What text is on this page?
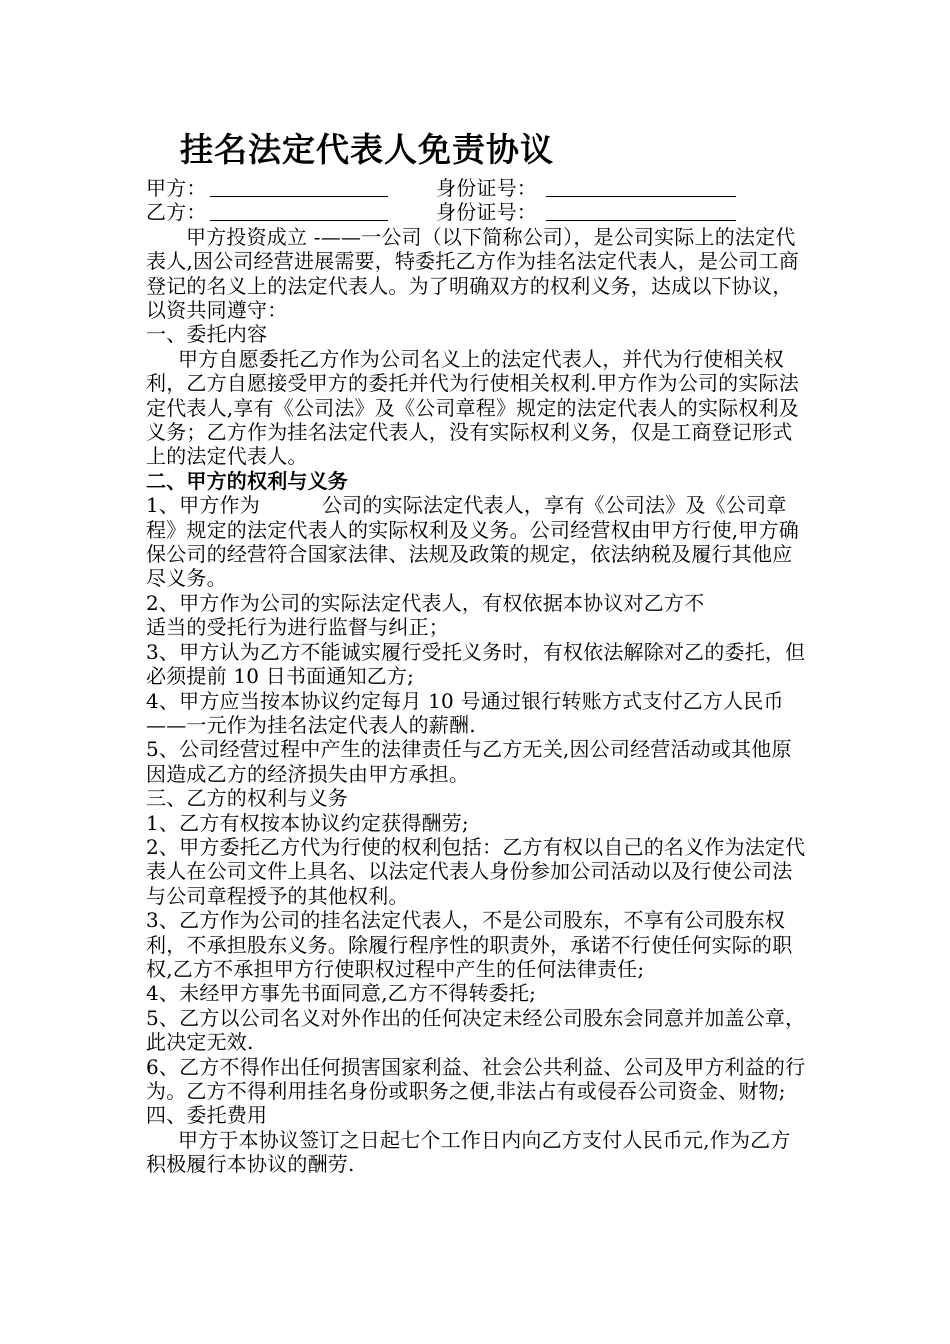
挂名法定代表人免责协议
甲方：	身份证号：
乙方：	身份证号：

甲方投资成立 -——一公司（以下简称公司），是公司实际上的法定代表人,因公司经营进展需要，特委托乙方作为挂名法定代表人，是公司工商登记的名义上的法定代表人。为了明确双方的权利义务，达成以下协议，以资共同遵守：

一、委托内容

甲方自愿委托乙方作为公司名义上的法定代表人，并代为行使相关权利，乙方自愿接受甲方的委托并代为行使相关权利.甲方作为公司的实际法定代表人,享有《公司法》及《公司章程》规定的法定代表人的实际权利及义务；乙方作为挂名法定代表人，没有实际权利义务，仅是工商登记形式上的法定代表人。

二、甲方的权利与义务

1、甲方作为	公司的实际法定代表人，享有《公司法》及《公司章程》规定的法定代表人的实际权利及义务。公司经营权由甲方行使,甲方确保公司的经营符合国家法律、法规及政策的规定，依法纳税及履行其他应尽义务。

2、甲方作为公司的实际法定代表人，有权依据本协议对乙方不

适当的受托行为进行监督与纠正；

3、甲方认为乙方不能诚实履行受托义务时，有权依法解除对乙的委托，但必须提前 10 日书面通知乙方;

4、甲方应当按本协议约定每月 10 号通过银行转账方式支付乙方人民币——一元作为挂名法定代表人的薪酬.

5、公司经营过程中产生的法律责任与乙方无关,因公司经营活动或其他原因造成乙方的经济损失由甲方承担。

三、乙方的权利与义务

1、乙方有权按本协议约定获得酬劳;

2、甲方委托乙方代为行使的权利包括：乙方有权以自己的名义作为法定代表人在公司文件上具名、以法定代表人身份参加公司活动以及行使公司法与公司章程授予的其他权利。

3、乙方作为公司的挂名法定代表人，不是公司股东，不享有公司股东权利，不承担股东义务。除履行程序性的职责外，承诺不行使任何实际的职权,乙方不承担甲方行使职权过程中产生的任何法律责任;

4、未经甲方事先书面同意,乙方不得转委托;

5、乙方以公司名义对外作出的任何决定未经公司股东会同意并加盖公章，此决定无效.

6、乙方不得作出任何损害国家利益、社会公共利益、公司及甲方利益的行为。乙方不得利用挂名身份或职务之便,非法占有或侵吞公司资金、财物;

四、委托费用

甲方于本协议签订之日起七个工作日内向乙方支付人民币元,作为乙方积极履行本协议的酬劳.
